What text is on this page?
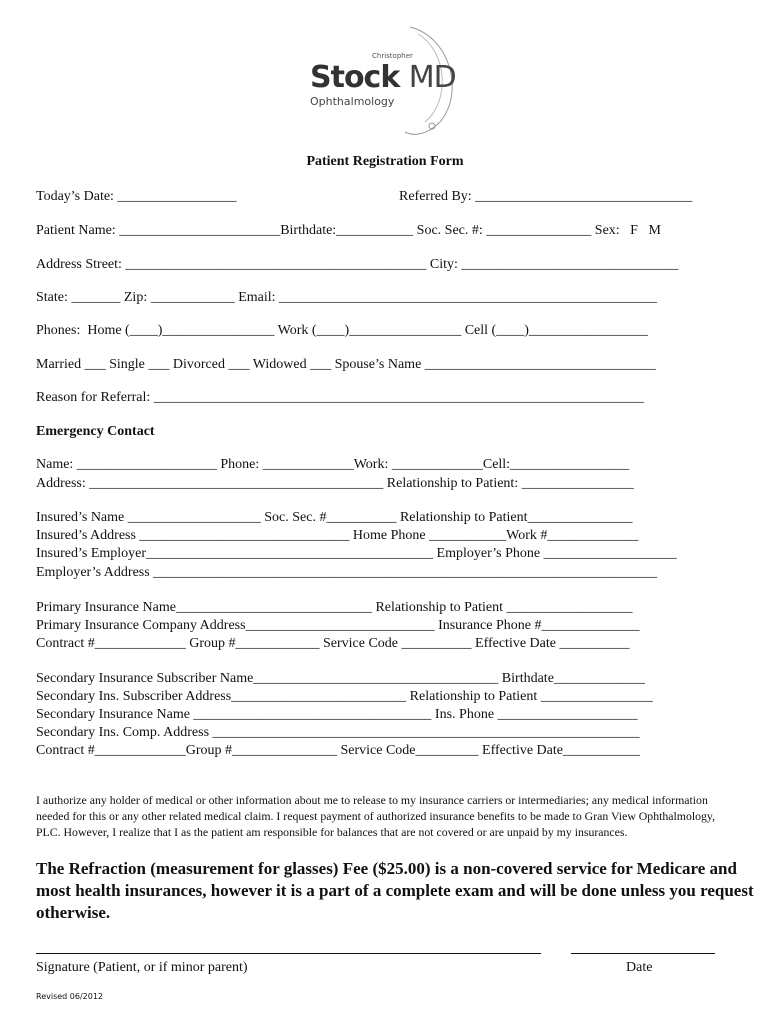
Christopher
Stock MD
Ophthalmology
Patient Registration Form
Today’s Date: _________________	Referred By: _______________________________
Patient Name: _______________________Birthdate:___________ Soc. Sec. #: _______________ Sex:   F   M
Address Street: ___________________________________________ City: _______________________________
State: _______ Zip: ____________ Email: ______________________________________________________
Phones:  Home (____)________________ Work (____)________________ Cell (____)_________________
Married ___ Single ___ Divorced ___ Widowed ___ Spouse’s Name _________________________________
Reason for Referral: ______________________________________________________________________
Emergency Contact
Name: ____________________ Phone: _____________Work: _____________Cell:_________________
Address: __________________________________________ Relationship to Patient: ________________
Insured’s Name ___________________ Soc. Sec. #__________ Relationship to Patient_______________
Insured’s Address ______________________________ Home Phone ___________Work #_____________
Insured’s Employer_________________________________________ Employer’s Phone ___________________
Employer’s Address ________________________________________________________________________
Primary Insurance Name____________________________ Relationship to Patient __________________
Primary Insurance Company Address___________________________ Insurance Phone #______________
Contract #_____________ Group #____________ Service Code __________ Effective Date __________
Secondary Insurance Subscriber Name___________________________________ Birthdate_____________
Secondary Ins. Subscriber Address_________________________ Relationship to Patient ________________
Secondary Insurance Name __________________________________ Ins. Phone ____________________
Secondary Ins. Comp. Address _____________________________________________________________
Contract #_____________Group #_______________ Service Code_________ Effective Date___________
I authorize any holder of medical or other information about me to release to my insurance carriers or intermediaries; any medical information needed for this or any other related medical claim. I request payment of authorized insurance benefits to be made to Gran View Ophthalmology, PLC. However, I realize that I as the patient am responsible for balances that are not covered or are unpaid by my insurances.
The Refraction (measurement for glasses) Fee ($25.00) is a non-covered service for Medicare and most health insurances, however it is a part of a complete exam and will be done unless you request otherwise.
Signature (Patient, or if minor parent)	Date
Revised 06/2012
